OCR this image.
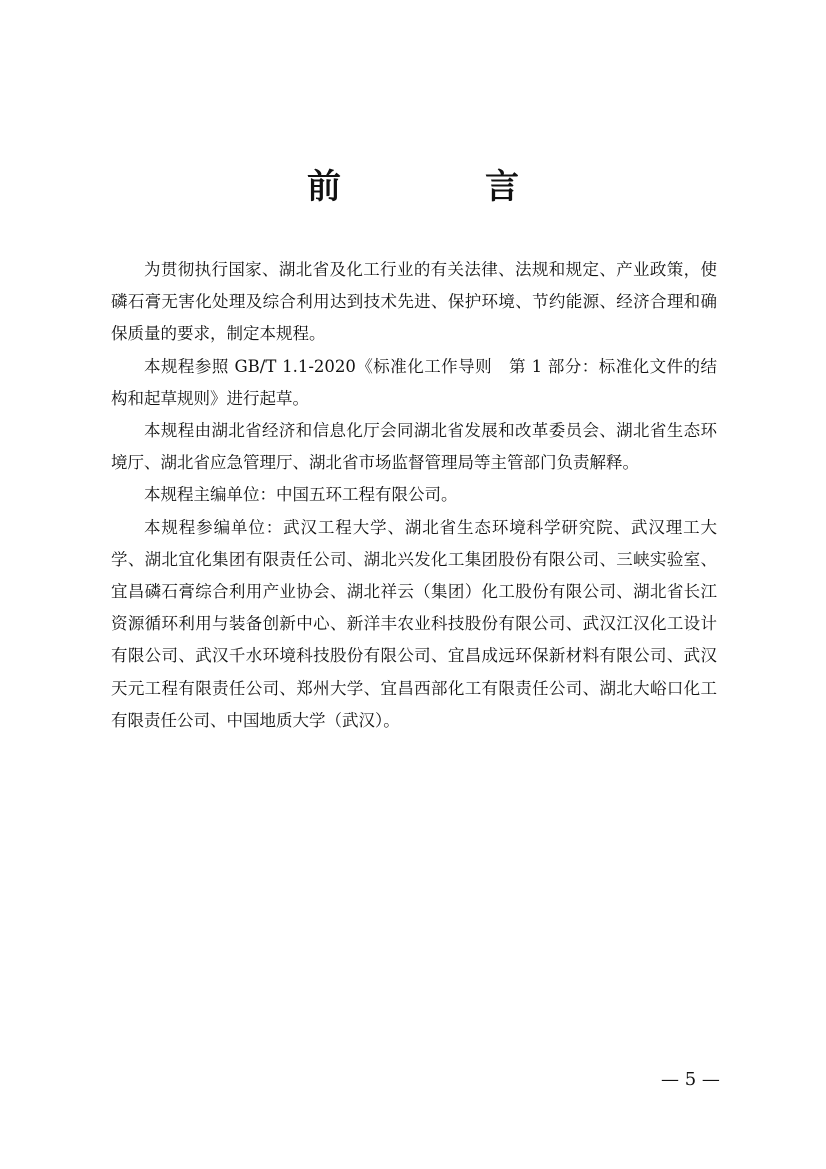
前　言

为贯彻执行国家、湖北省及化工行业的有关法律、法规和规定、产业政策，使磷石膏无害化处理及综合利用达到技术先进、保护环境、节约能源、经济合理和确保质量的要求，制定本规程。

本规程参照 GB/T 1.1-2020《标准化工作导则　第 1 部分：标准化文件的结构和起草规则》进行起草。

本规程由湖北省经济和信息化厅会同湖北省发展和改革委员会、湖北省生态环境厅、湖北省应急管理厅、湖北省市场监督管理局等主管部门负责解释。

本规程主编单位：中国五环工程有限公司。

本规程参编单位：武汉工程大学、湖北省生态环境科学研究院、武汉理工大学、湖北宜化集团有限责任公司、湖北兴发化工集团股份有限公司、三峡实验室、宜昌磷石膏综合利用产业协会、湖北祥云（集团）化工股份有限公司、湖北省长江资源循环利用与装备创新中心、新洋丰农业科技股份有限公司、武汉江汉化工设计有限公司、武汉千水环境科技股份有限公司、宜昌成远环保新材料有限公司、武汉天元工程有限责任公司、郑州大学、宜昌西部化工有限责任公司、湖北大峪口化工有限责任公司、中国地质大学（武汉）。

— 5 —
